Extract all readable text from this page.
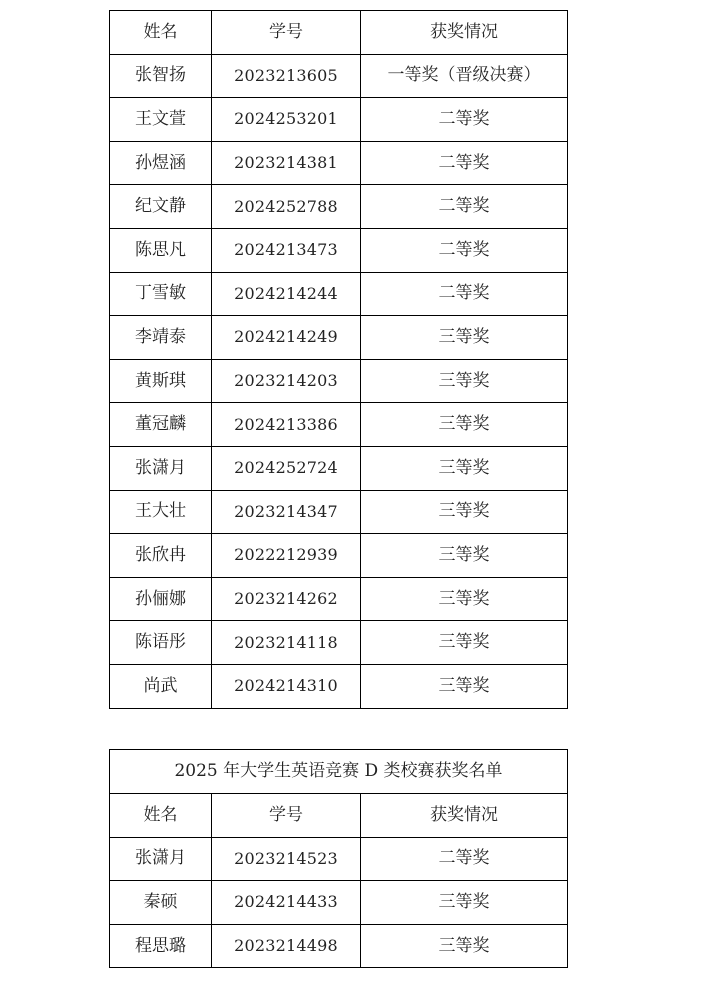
姓名	学号	获奖情况
张智扬	2023213605	一等奖（晋级决赛）
王文萱	2024253201	二等奖
孙煜涵	2023214381	二等奖
纪文静	2024252788	二等奖
陈思凡	2024213473	二等奖
丁雪敏	2024214244	二等奖
李靖泰	2024214249	三等奖
黄斯琪	2023214203	三等奖
董冠麟	2024213386	三等奖
张潇月	2024252724	三等奖
王大壮	2023214347	三等奖
张欣冉	2022212939	三等奖
孙俪娜	2023214262	三等奖
陈语彤	2023214118	三等奖
尚武	2024214310	三等奖
2025 年大学生英语竞赛 D 类校赛获奖名单		
姓名	学号	获奖情况
张潇月	2023214523	二等奖
秦硕	2024214433	三等奖
程思璐	2023214498	三等奖
